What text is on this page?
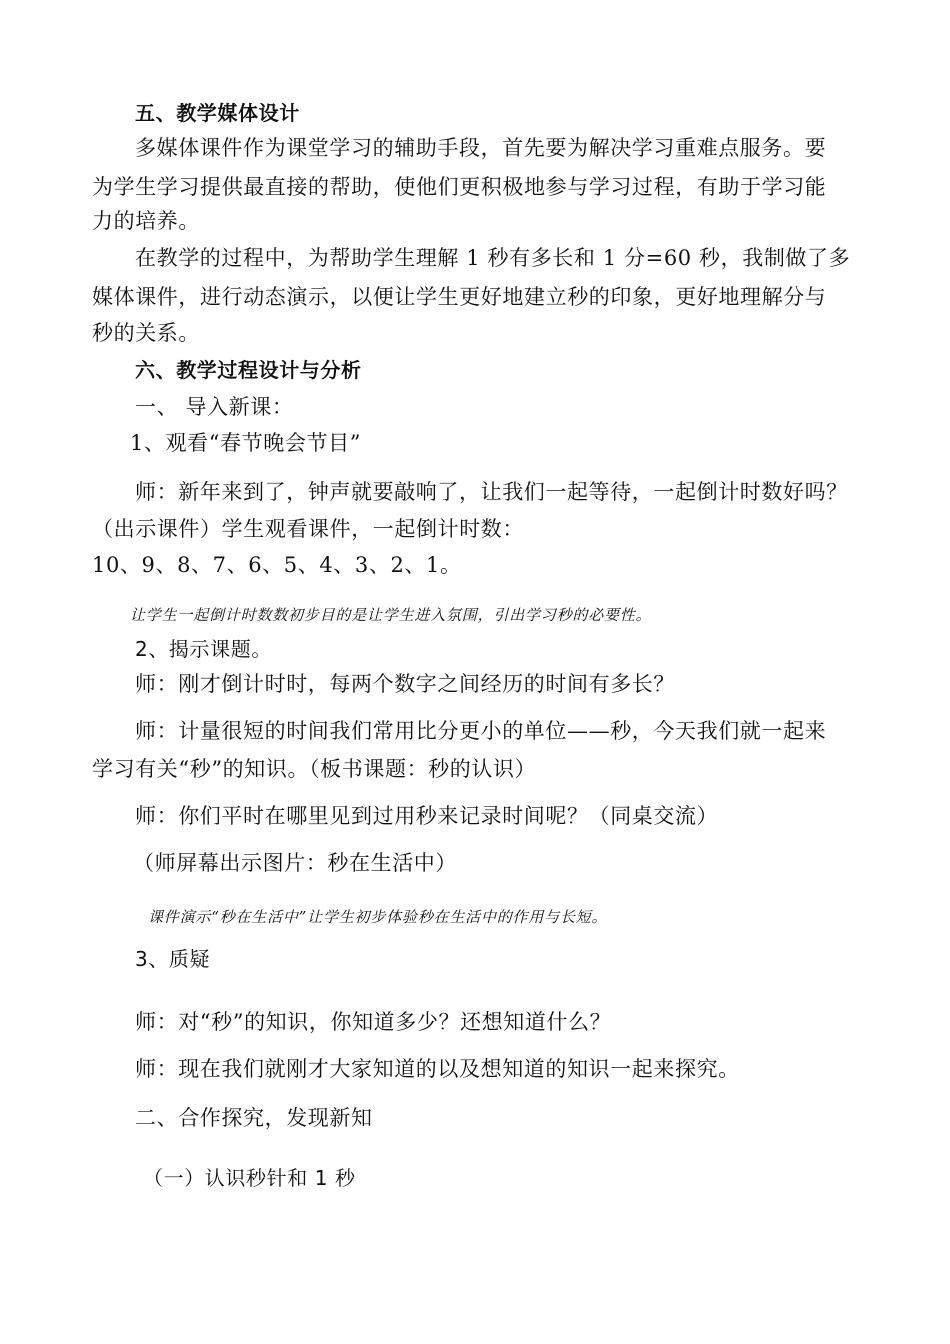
五、教学媒体设计
多媒体课件作为课堂学习的辅助手段，首先要为解决学习重难点服务。要
为学生学习提供最直接的帮助，使他们更积极地参与学习过程，有助于学习能
力的培养。
在教学的过程中，为帮助学生理解 1 秒有多长和 1 分=60 秒，我制做了多
媒体课件，进行动态演示，以便让学生更好地建立秒的印象，更好地理解分与
秒的关系。
六、教学过程设计与分析
一、 导入新课：
1、观看“春节晚会节目”
师：新年来到了，钟声就要敲响了，让我们一起等待，一起倒计时数好吗？
（出示课件）学生观看课件，一起倒计时数：
10、9、8、7、6、5、4、3、2、1。
让学生一起倒计时数数初步目的是让学生进入氛围，引出学习秒的必要性。
2、揭示课题。
师：刚才倒计时时，每两个数字之间经历的时间有多长？
师：计量很短的时间我们常用比分更小的单位——秒，今天我们就一起来
学习有关“秒”的知识。（板书课题：秒的认识）
师：你们平时在哪里见到过用秒来记录时间呢？（同桌交流）
（师屏幕出示图片：秒在生活中）
课件演示“秒在生活中”让学生初步体验秒在生活中的作用与长短。
3、质疑
师：对“秒”的知识，你知道多少？还想知道什么？
师：现在我们就刚才大家知道的以及想知道的知识一起来探究。
二、合作探究，发现新知
（一）认识秒针和 1 秒
